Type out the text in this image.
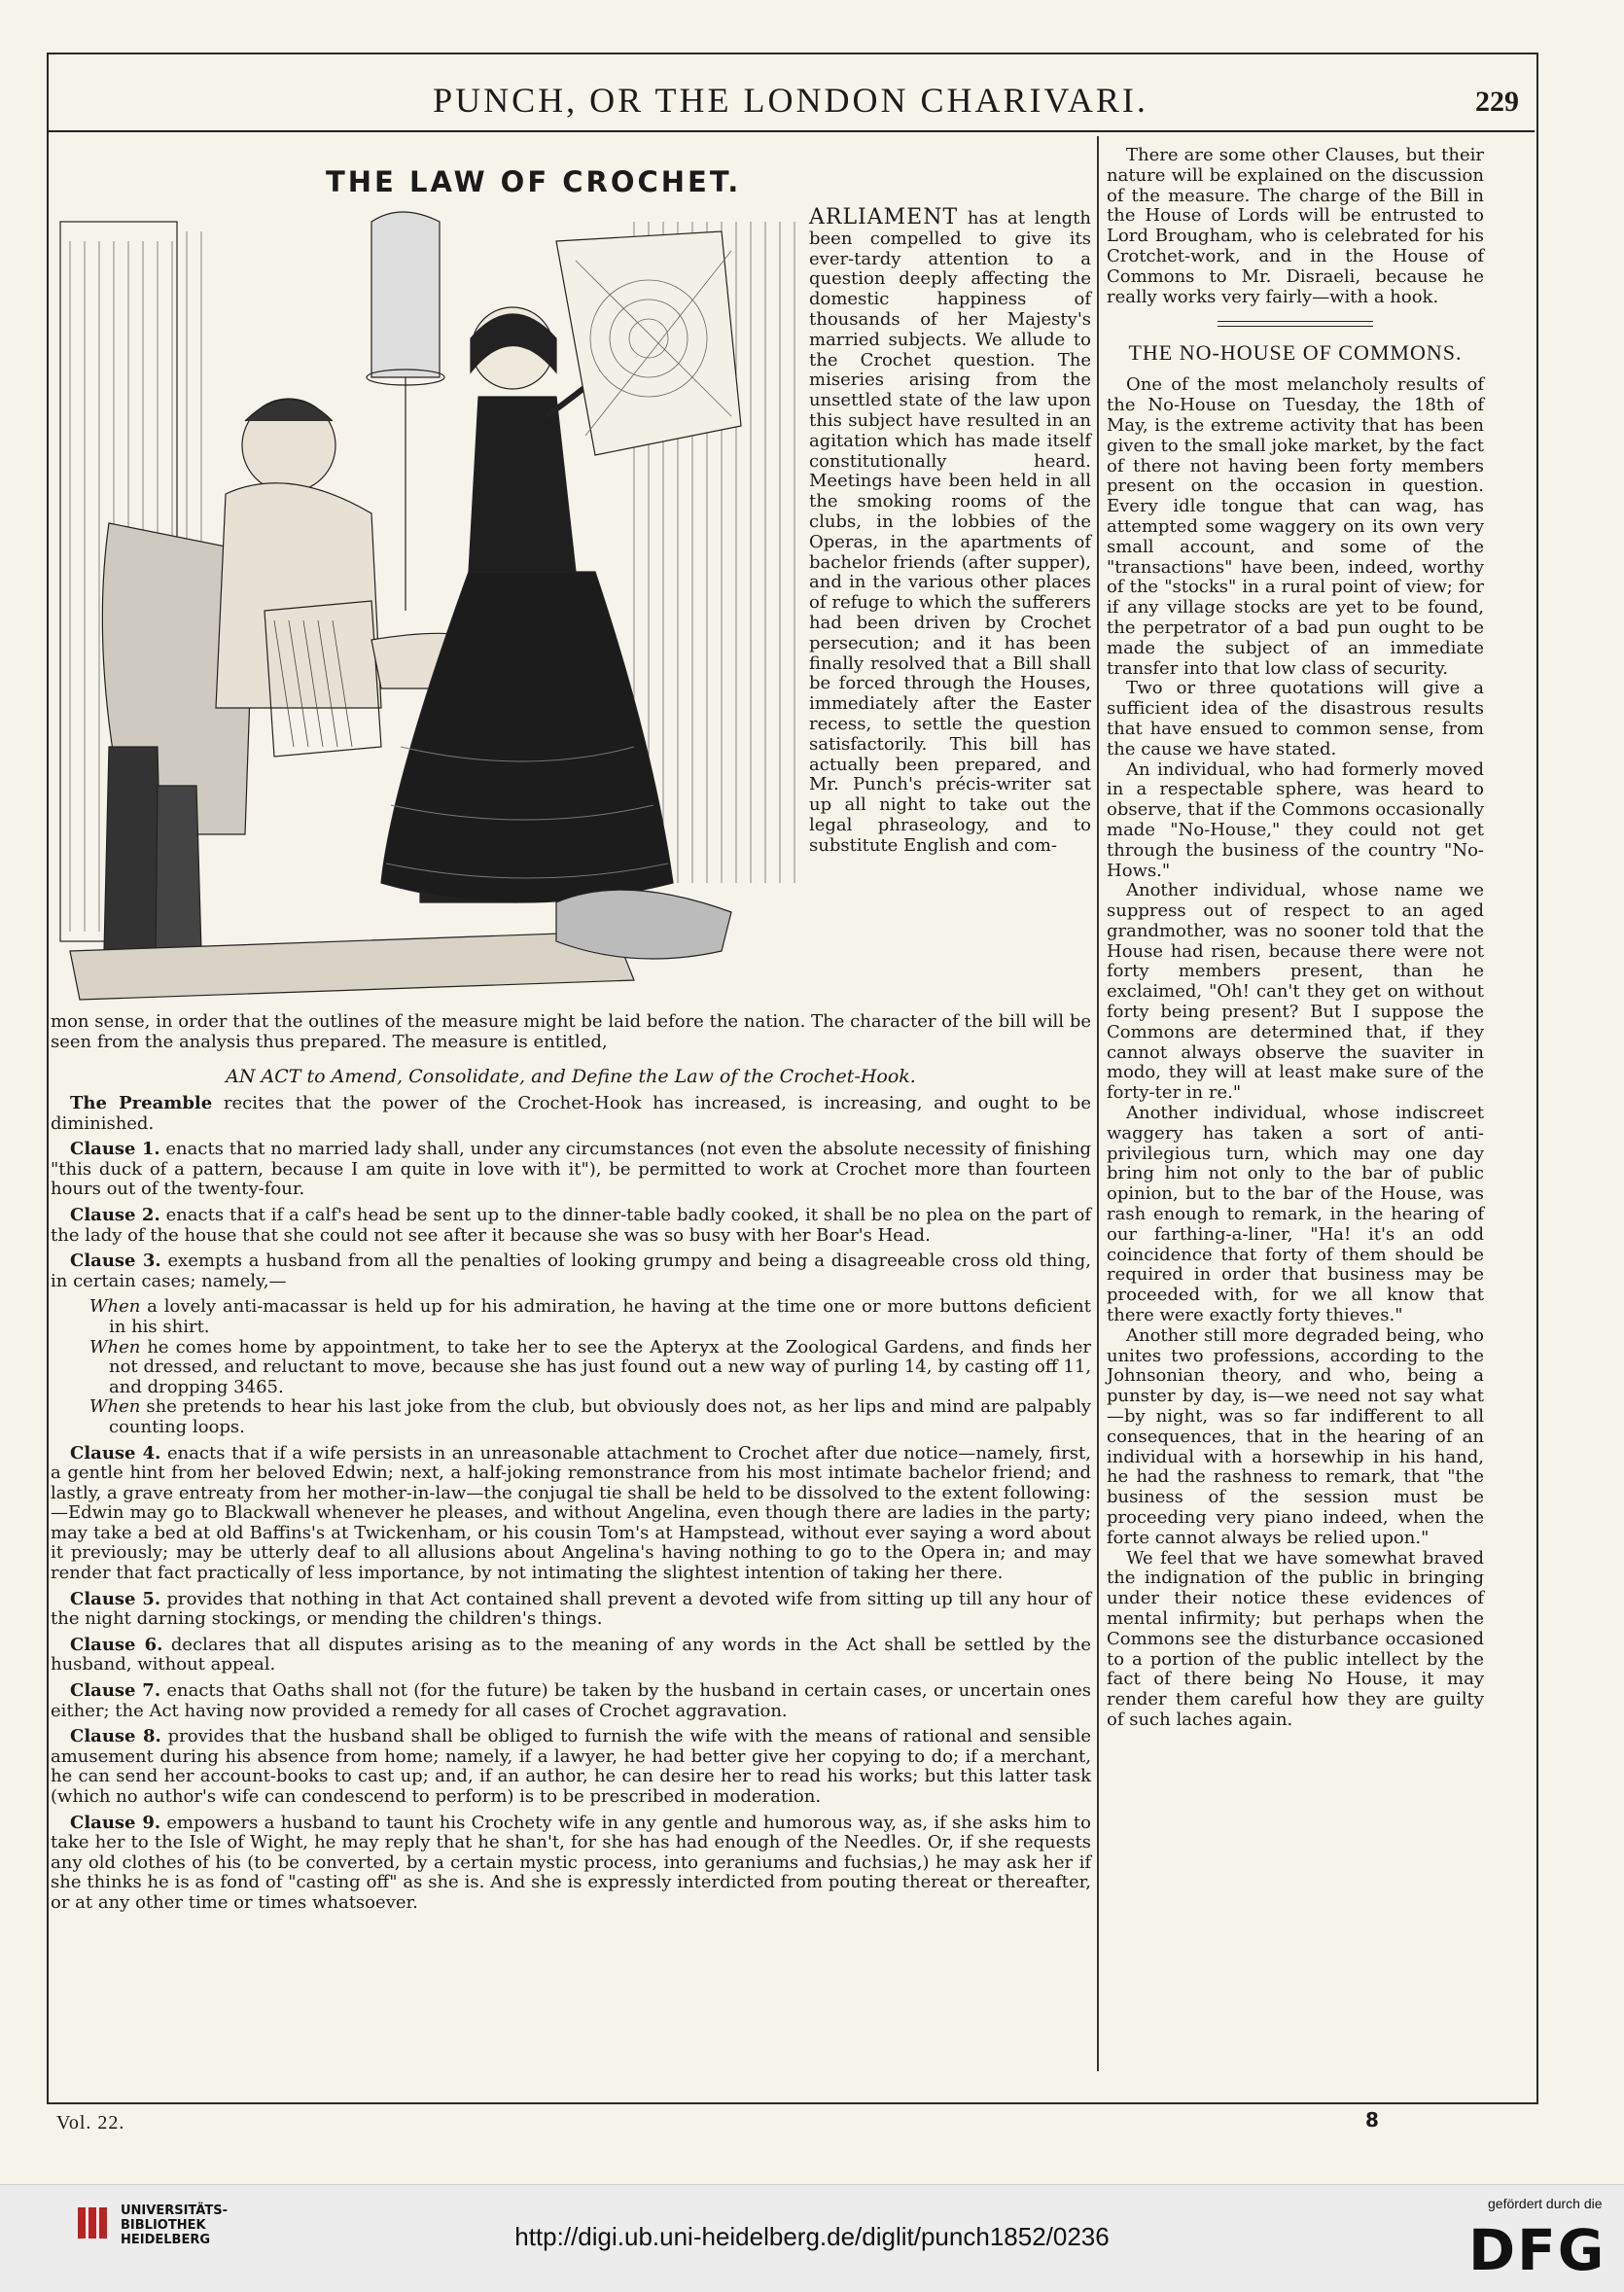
PUNCH, OR THE LONDON CHARIVARI.	229
THE LAW OF CROCHET.
ARLIAMENT has at length been compelled to give its ever-tardy attention to a question deeply affecting the domestic happiness of thousands of her Majesty's married subjects. We allude to the Crochet question. The miseries arising from the unsettled state of the law upon this subject have resulted in an agitation which has made itself constitutionally heard. Meetings have been held in all the smoking rooms of the clubs, in the lobbies of the Operas, in the apartments of bachelor friends (after supper), and in the various other places of refuge to which the sufferers had been driven by Crochet persecution; and it has been finally resolved that a Bill shall be forced through the Houses, immediately after the Easter recess, to settle the question satisfactorily. This bill has actually been prepared, and Mr. Punch's précis-writer sat up all night to take out the legal phraseology, and to substitute English and com-
mon sense, in order that the outlines of the measure might be laid before the nation. The character of the bill will be seen from the analysis thus prepared. The measure is entitled,
AN ACT to Amend, Consolidate, and Define the Law of the Crochet-Hook.

The Preamble recites that the power of the Crochet-Hook has increased, is increasing, and ought to be diminished.

Clause 1. enacts that no married lady shall, under any circumstances (not even the absolute necessity of finishing "this duck of a pattern, because I am quite in love with it"), be permitted to work at Crochet more than fourteen hours out of the twenty-four.

Clause 2. enacts that if a calf's head be sent up to the dinner-table badly cooked, it shall be no plea on the part of the lady of the house that she could not see after it because she was so busy with her Boar's Head.

Clause 3. exempts a husband from all the penalties of looking grumpy and being a disagreeable cross old thing, in certain cases; namely,—

When a lovely anti-macassar is held up for his admiration, he having at the time one or more buttons deficient in his shirt.

When he comes home by appointment, to take her to see the Apteryx at the Zoological Gardens, and finds her not dressed, and reluctant to move, because she has just found out a new way of purling 14, by casting off 11, and dropping 3465.

When she pretends to hear his last joke from the club, but obviously does not, as her lips and mind are palpably counting loops.

Clause 4. enacts that if a wife persists in an unreasonable attachment to Crochet after due notice—namely, first, a gentle hint from her beloved Edwin; next, a half-joking remonstrance from his most intimate bachelor friend; and lastly, a grave entreaty from her mother-in-law—the conjugal tie shall be held to be dissolved to the extent following:—Edwin may go to Blackwall whenever he pleases, and without Angelina, even though there are ladies in the party; may take a bed at old Baffins's at Twickenham, or his cousin Tom's at Hampstead, without ever saying a word about it previously; may be utterly deaf to all allusions about Angelina's having nothing to go to the Opera in; and may render that fact practically of less importance, by not intimating the slightest intention of taking her there.

Clause 5. provides that nothing in that Act contained shall prevent a devoted wife from sitting up till any hour of the night darning stockings, or mending the children's things.

Clause 6. declares that all disputes arising as to the meaning of any words in the Act shall be settled by the husband, without appeal.

Clause 7. enacts that Oaths shall not (for the future) be taken by the husband in certain cases, or uncertain ones either; the Act having now provided a remedy for all cases of Crochet aggravation.

Clause 8. provides that the husband shall be obliged to furnish the wife with the means of rational and sensible amusement during his absence from home; namely, if a lawyer, he had better give her copying to do; if a merchant, he can send her account-books to cast up; and, if an author, he can desire her to read his works; but this latter task (which no author's wife can condescend to perform) is to be prescribed in moderation.

Clause 9. empowers a husband to taunt his Crochety wife in any gentle and humorous way, as, if she asks him to take her to the Isle of Wight, he may reply that he shan't, for she has had enough of the Needles. Or, if she requests any old clothes of his (to be converted, by a certain mystic process, into geraniums and fuchsias,) he may ask her if she thinks he is as fond of "casting off" as she is. And she is expressly interdicted from pouting thereat or thereafter, or at any other time or times whatsoever.

There are some other Clauses, but their nature will be explained on the discussion of the measure. The charge of the Bill in the House of Lords will be entrusted to Lord Brougham, who is celebrated for his Crotchet-work, and in the House of Commons to Mr. Disraeli, because he really works very fairly—with a hook.

THE NO-HOUSE OF COMMONS.

One of the most melancholy results of the No-House on Tuesday, the 18th of May, is the extreme activity that has been given to the small joke market, by the fact of there not having been forty members present on the occasion in question. Every idle tongue that can wag, has attempted some waggery on its own very small account, and some of the "transactions" have been, indeed, worthy of the "stocks" in a rural point of view; for if any village stocks are yet to be found, the perpetrator of a bad pun ought to be made the subject of an immediate transfer into that low class of security.

Two or three quotations will give a sufficient idea of the disastrous results that have ensued to common sense, from the cause we have stated.

An individual, who had formerly moved in a respectable sphere, was heard to observe, that if the Commons occasionally made "No-House," they could not get through the business of the country "No-Hows."

Another individual, whose name we suppress out of respect to an aged grandmother, was no sooner told that the House had risen, because there were not forty members present, than he exclaimed, "Oh! can't they get on without forty being present? But I suppose the Commons are determined that, if they cannot always observe the suaviter in modo, they will at least make sure of the forty-ter in re."

Another individual, whose indiscreet waggery has taken a sort of anti-privilegious turn, which may one day bring him not only to the bar of public opinion, but to the bar of the House, was rash enough to remark, in the hearing of our farthing-a-liner, "Ha! it's an odd coincidence that forty of them should be required in order that business may be proceeded with, for we all know that there were exactly forty thieves."

Another still more degraded being, who unites two professions, according to the Johnsonian theory, and who, being a punster by day, is—we need not say what—by night, was so far indifferent to all consequences, that in the hearing of an individual with a horsewhip in his hand, he had the rashness to remark, that "the business of the session must be proceeding very piano indeed, when the forte cannot always be relied upon."

We feel that we have somewhat braved the indignation of the public in bringing under their notice these evidences of mental infirmity; but perhaps when the Commons see the disturbance occasioned to a portion of the public intellect by the fact of there being No House, it may render them careful how they are guilty of such laches again.

Vol. 22.	8
UNIVERSITÄTS-
BIBLIOTHEK
HEIDELBERG	http://digi.ub.uni-heidelberg.de/diglit/punch1852/0236
gefördert durch die
DFG
